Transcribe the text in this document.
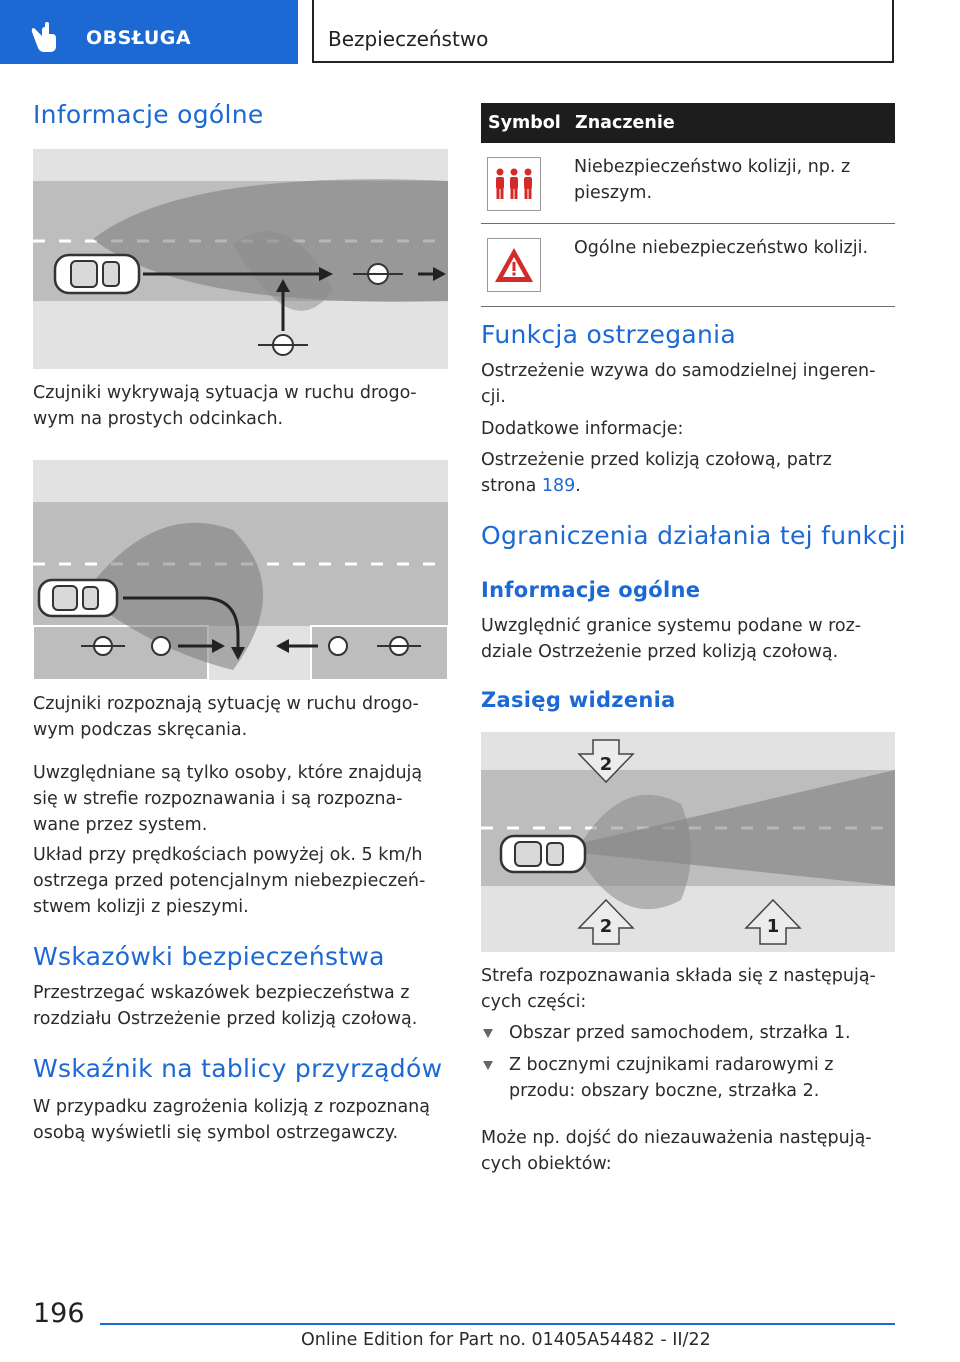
OBSŁUGA	Bezpieczeństwo
Informacje ogólne

Czujniki wykrywają sytuacja w ruchu drogo‐
wym na prostych odcinkach.

Czujniki rozpoznają sytuację w ruchu drogo‐
wym podczas skręcania.

Uwzględniane są tylko osoby, które znajdują
się w strefie rozpoznawania i są rozpozna‐
wane przez system.

Układ przy prędkościach powyżej ok. 5 km/h
ostrzega przed potencjalnym niebezpieczeń‐
stwem kolizji z pieszymi.

Wskazówki bezpieczeństwa

Przestrzegać wskazówek bezpieczeństwa z
rozdziału Ostrzeżenie przed kolizją czołową.

Wskaźnik na tablicy przyrządów

W przypadku zagrożenia kolizją z rozpoznaną
osobą wyświetli się symbol ostrzegawczy.

Symbol	Znaczenie

	Niebezpieczeństwo kolizji, np. z
pieszym.

	Ogólne niebezpieczeństwo kolizji.
Funkcja ostrzegania

Ostrzeżenie wzywa do samodzielnej ingeren‐
cji.

Dodatkowe informacje:

Ostrzeżenie przed kolizją czołową, patrz
strona 189.

Ograniczenia działania tej funkcji
Informacje ogólne

Uwzględnić granice systemu podane w roz‐
dziale Ostrzeżenie przed kolizją czołową.

Zasięg widzenia
2
2	1

Strefa rozpoznawania składa się z następują‐
cych części:

Obszar przed samochodem, strzałka 1.
Z bocznymi czujnikami radarowymi z
przodu: obszary boczne, strzałka 2.

Może np. dojść do niezauważenia następują‐
cych obiektów:

196
Online Edition for Part no. 01405A54482 - II/22
